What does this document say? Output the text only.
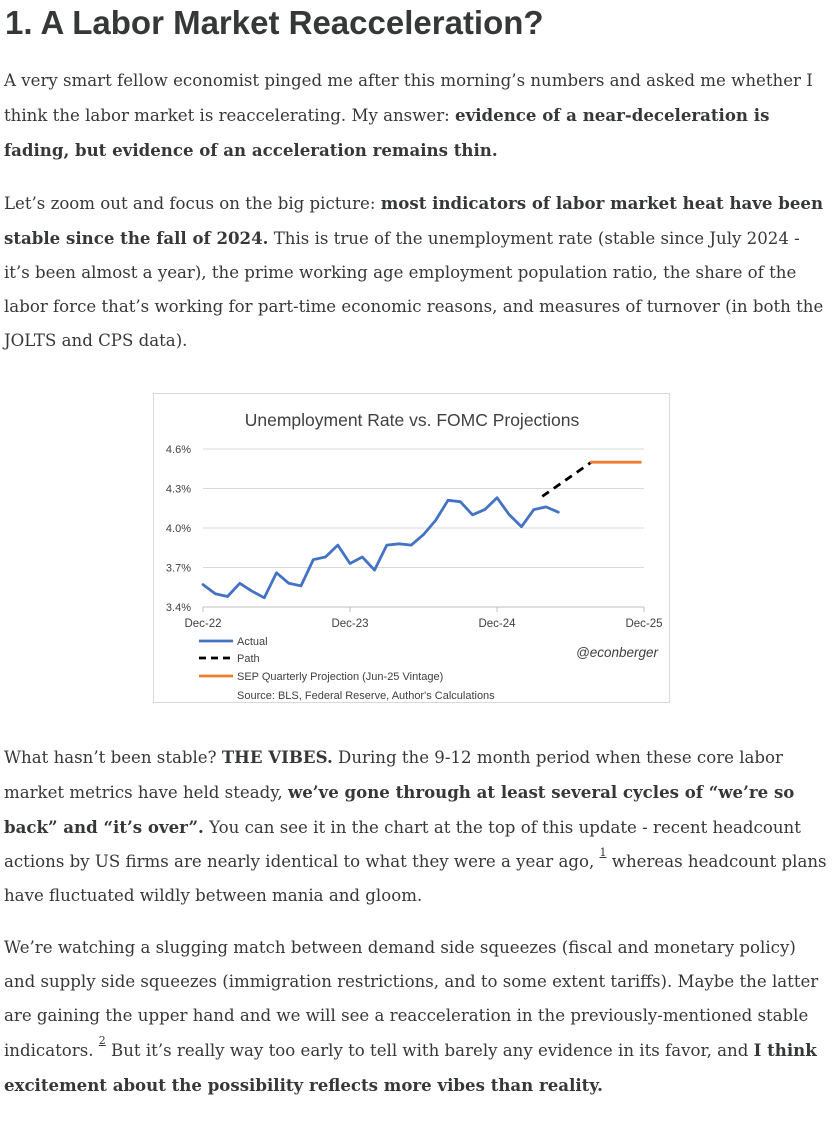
1. A Labor Market Reacceleration?

A very smart fellow economist pinged me after this morning’s numbers and asked me whether I think the labor market is reaccelerating. My answer: evidence of a near-deceleration is fading, but evidence of an acceleration remains thin.

Let’s zoom out and focus on the big picture: most indicators of labor market heat have been stable since the fall of 2024. This is true of the unemployment rate (stable since July 2024 - it’s been almost a year), the prime working age employment population ratio, the share of the labor force that’s working for part-time economic reasons, and measures of turnover (in both the JOLTS and CPS data).

Unemployment Rate vs. FOMC Projections
3.4%
3.7%
4.0%
4.3%
4.6%
Dec-22	Dec-23	Dec-24	Dec-25
Actual
Path
SEP Quarterly Projection (Jun-25 Vintage)
@econberger
Source: BLS, Federal Reserve, Author's Calculations

What hasn’t been stable? THE VIBES. During the 9-12 month period when these core labor market metrics have held steady, we’ve gone through at least several cycles of “we’re so back” and “it’s over”. You can see it in the chart at the top of this update - recent headcount actions by US firms are nearly identical to what they were a year ago, $^1$ whereas headcount plans have fluctuated wildly between mania and gloom.

We’re watching a slugging match between demand side squeezes (fiscal and monetary policy) and supply side squeezes (immigration restrictions, and to some extent tariffs). Maybe the latter are gaining the upper hand and we will see a reacceleration in the previously-mentioned stable indicators. $^2$ But it’s really way too early to tell with barely any evidence in its favor, and I think excitement about the possibility reflects more vibes than reality.
